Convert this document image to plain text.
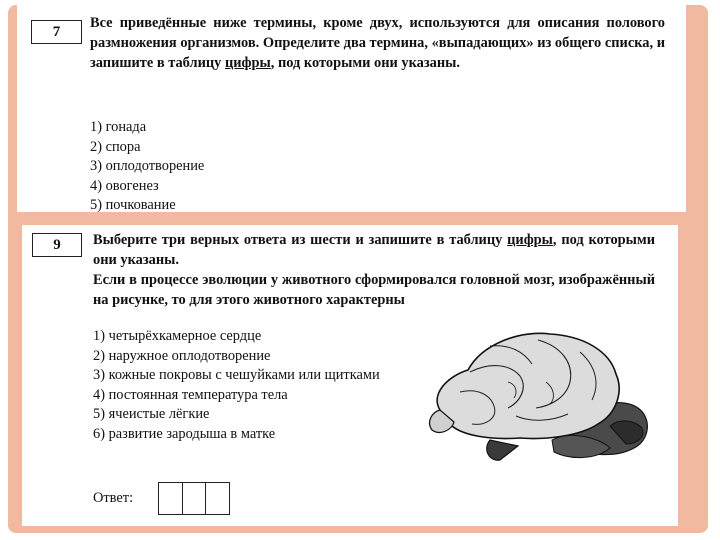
7
Все приведённые ниже термины, кроме двух, используются для описания полового размножения организмов. Определите два термина, «выпадающих» из общего списка, и запишите в таблицу цифры, под которыми они указаны.
1) гонада
2) спора
3) оплодотворение
4) овогенез
5) почкование
9	Выберите три верных ответа из шести и запишите в таблицу цифры, под которыми они указаны.
Если в процессе эволюции у животного сформировался головной мозг, изображённый на рисунке, то для этого животного характерны
1) четырёхкамерное сердце
2) наружное оплодотворение
3) кожные покровы с чешуйками или щитками
4) постоянная температура тела
5) ячеистые лёгкие
6) развитие зародыша в матке
Ответ:
